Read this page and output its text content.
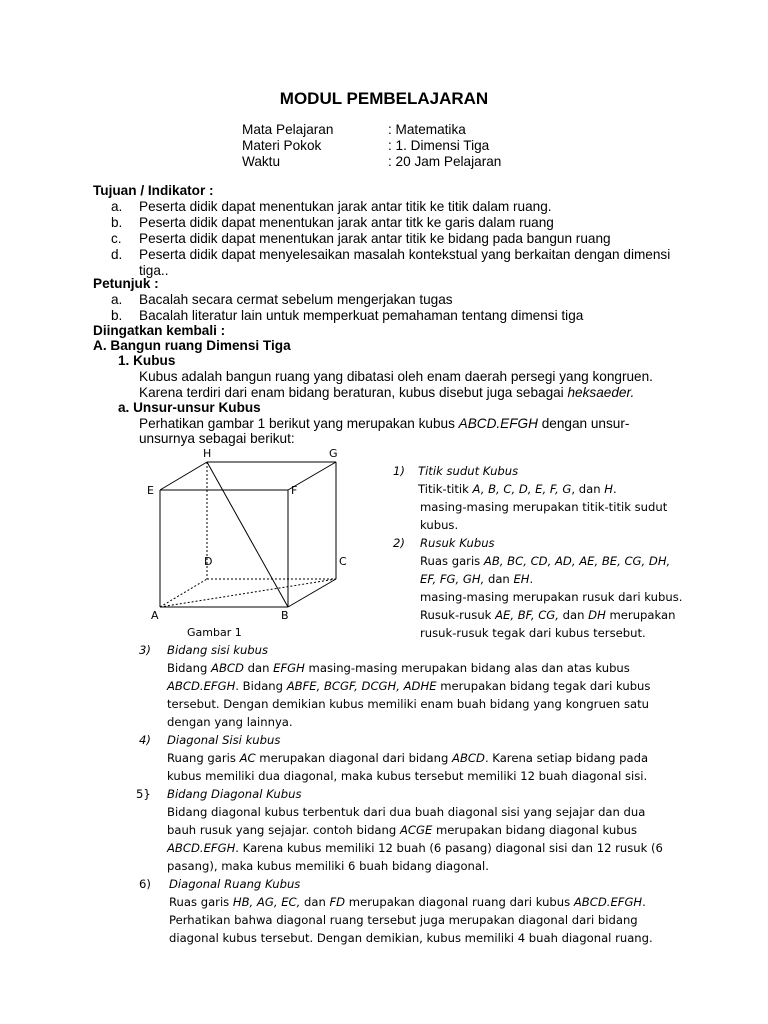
MODUL PEMBELAJARAN
Mata Pelajaran	: Matematika
Materi Pokok	: 1. Dimensi Tiga
Waktu	: 20 Jam Pelajaran
Tujuan / Indikator :
a. Peserta didik dapat menentukan jarak antar titik ke titik dalam ruang.
b. Peserta didik dapat menentukan jarak antar titk ke garis dalam ruang
c. Peserta didik dapat menentukan jarak antar titik ke bidang pada bangun ruang
d. Peserta didik dapat menyelesaikan masalah kontekstual yang berkaitan dengan dimensi
tiga..
Petunjuk :
a. Bacalah secara cermat sebelum mengerjakan tugas
b. Bacalah literatur lain untuk memperkuat pemahaman tentang dimensi tiga
Diingatkan kembali :
A. Bangun ruang Dimensi Tiga
1. Kubus
Kubus adalah bangun ruang yang dibatasi oleh enam daerah persegi yang kongruen.
Karena terdiri dari enam bidang beraturan, kubus disebut juga sebagai heksaeder.
a. Unsur-unsur Kubus
Perhatikan gambar 1 berikut yang merupakan kubus ABCD.EFGH dengan unsur-
unsurnya sebagai berikut:
H	G
E	F
D	C
A	B
Gambar 1
1) Titik sudut Kubus
Titik-titik A, B, C, D, E, F, G, dan H.
masing-masing merupakan titik-titik sudut
kubus.
2) Rusuk Kubus
Ruas garis AB, BC, CD, AD, AE, BE, CG, DH,
EF, FG, GH, dan EH.
masing-masing merupakan rusuk dari kubus.
Rusuk-rusuk AE, BF, CG, dan DH merupakan
rusuk-rusuk tegak dari kubus tersebut.
3) Bidang sisi kubus
Bidang ABCD dan EFGH masing-masing merupakan bidang alas dan atas kubus
ABCD.EFGH. Bidang ABFE, BCGF, DCGH, ADHE merupakan bidang tegak dari kubus
tersebut. Dengan demikian kubus memiliki enam buah bidang yang kongruen satu
dengan yang lainnya.
4) Diagonal Sisi kubus
Ruang garis AC merupakan diagonal dari bidang ABCD. Karena setiap bidang pada
kubus memiliki dua diagonal, maka kubus tersebut memiliki 12 buah diagonal sisi.
5} Bidang Diagonal Kubus
Bidang diagonal kubus terbentuk dari dua buah diagonal sisi yang sejajar dan dua
bauh rusuk yang sejajar. contoh bidang ACGE merupakan bidang diagonal kubus
ABCD.EFGH. Karena kubus memiliki 12 buah (6 pasang) diagonal sisi dan 12 rusuk (6
pasang), maka kubus memiliki 6 buah bidang diagonal.
6) Diagonal Ruang Kubus
Ruas garis HB, AG, EC, dan FD merupakan diagonal ruang dari kubus ABCD.EFGH.
Perhatikan bahwa diagonal ruang tersebut juga merupakan diagonal dari bidang
diagonal kubus tersebut. Dengan demikian, kubus memiliki 4 buah diagonal ruang.
